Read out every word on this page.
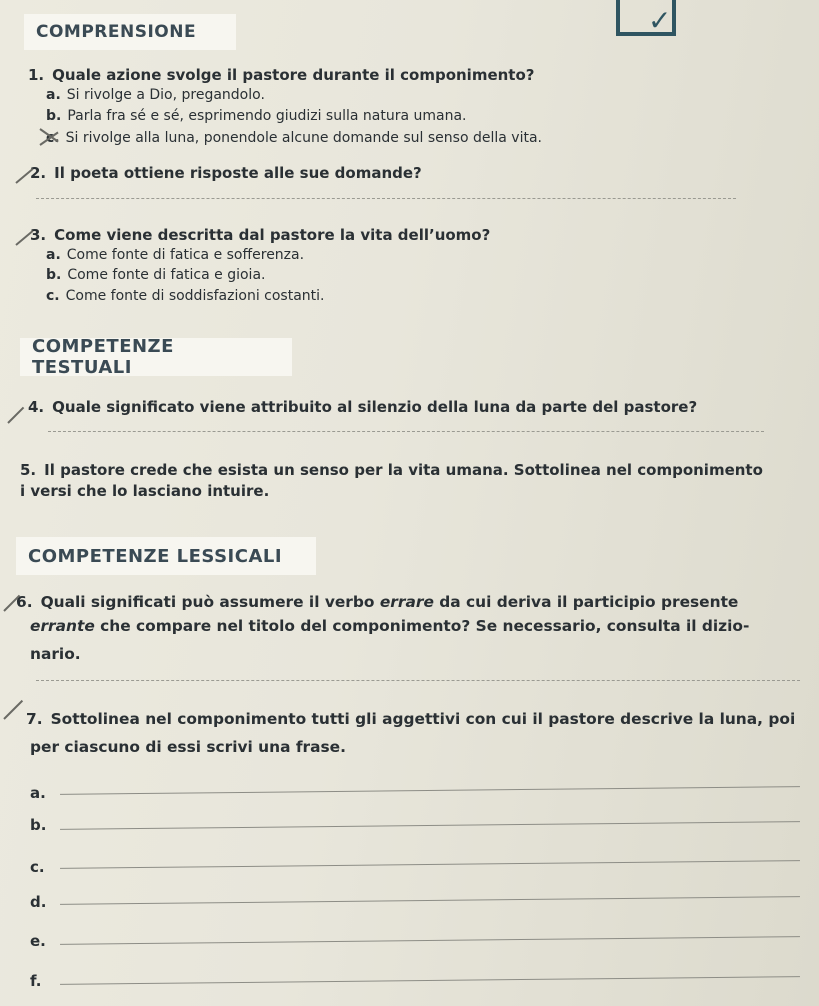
✓
COMPRENSIONE
1. Quale azione svolge il pastore durante il componimento?
a. Si rivolge a Dio, pregandolo.
b. Parla fra sé e sé, esprimendo giudizi sulla natura umana.
c. Si rivolge alla luna, ponendole alcune domande sul senso della vita.
2. Il poeta ottiene risposte alle sue domande?
3. Come viene descritta dal pastore la vita dell’uomo?
a. Come fonte di fatica e sofferenza.
b. Come fonte di fatica e gioia.
c. Come fonte di soddisfazioni costanti.
COMPETENZE TESTUALI
4. Quale significato viene attribuito al silenzio della luna da parte del pastore?
5. Il pastore crede che esista un senso per la vita umana. Sottolinea nel componimento
i versi che lo lasciano intuire.
COMPETENZE LESSICALI
6. Quali significati può assumere il verbo errare da cui deriva il participio presente
errante che compare nel titolo del componimento? Se necessario, consulta il dizio-
nario.
7. Sottolinea nel componimento tutti gli aggettivi con cui il pastore descrive la luna, poi
per ciascuno di essi scrivi una frase.
a.
b.
c.
d.
e.
f.
